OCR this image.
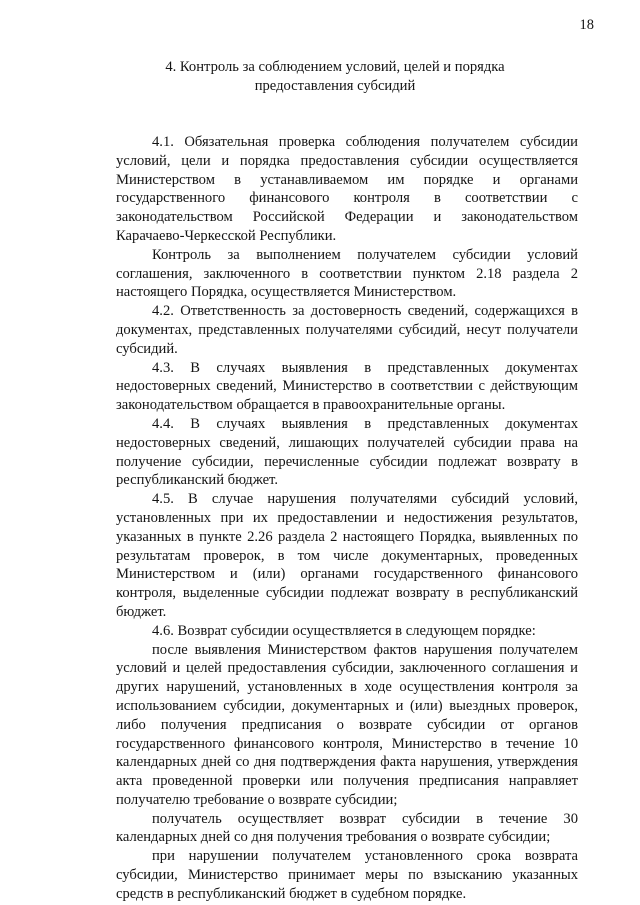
18
4. Контроль за соблюдением условий, целей и порядка
предоставления субсидий

4.1. Обязательная проверка соблюдения получателем субсидии условий, цели и порядка предоставления субсидии осуществляется Министерством в устанавливаемом им порядке и органами государственного финансового контроля в соответствии с законодательством Российской Федерации и законодательством Карачаево-Черкесской Республики.

Контроль за выполнением получателем субсидии условий соглашения, заключенного в соответствии пунктом 2.18 раздела 2 настоящего Порядка, осуществляется Министерством.

4.2. Ответственность за достоверность сведений, содержащихся в документах, представленных получателями субсидий, несут получатели субсидий.

4.3. В случаях выявления в представленных документах недостоверных сведений, Министерство в соответствии с действующим законодательством обращается в правоохранительные органы.

4.4. В случаях выявления в представленных документах недостоверных сведений, лишающих получателей субсидии права на получение субсидии, перечисленные субсидии подлежат возврату в республиканский бюджет.

4.5. В случае нарушения получателями субсидий условий, установленных при их предоставлении и недостижения результатов, указанных в пункте 2.26 раздела 2 настоящего Порядка, выявленных по результатам проверок, в том числе документарных, проведенных Министерством и (или) органами государственного финансового контроля, выделенные субсидии подлежат возврату в республиканский бюджет.

4.6. Возврат субсидии осуществляется в следующем порядке:

после выявления Министерством фактов нарушения получателем условий и целей предоставления субсидии, заключенного соглашения и других нарушений, установленных в ходе осуществления контроля за использованием субсидии, документарных и (или) выездных проверок, либо получения предписания о возврате субсидии от органов государственного финансового контроля, Министерство в течение 10 календарных дней со дня подтверждения факта нарушения, утверждения акта проведенной проверки или получения предписания направляет получателю требование о возврате субсидии;

получатель осуществляет возврат субсидии в течение 30 календарных дней со дня получения требования о возврате субсидии;

при нарушении получателем установленного срока возврата субсидии, Министерство принимает меры по взысканию указанных средств в республиканский бюджет в судебном порядке.
